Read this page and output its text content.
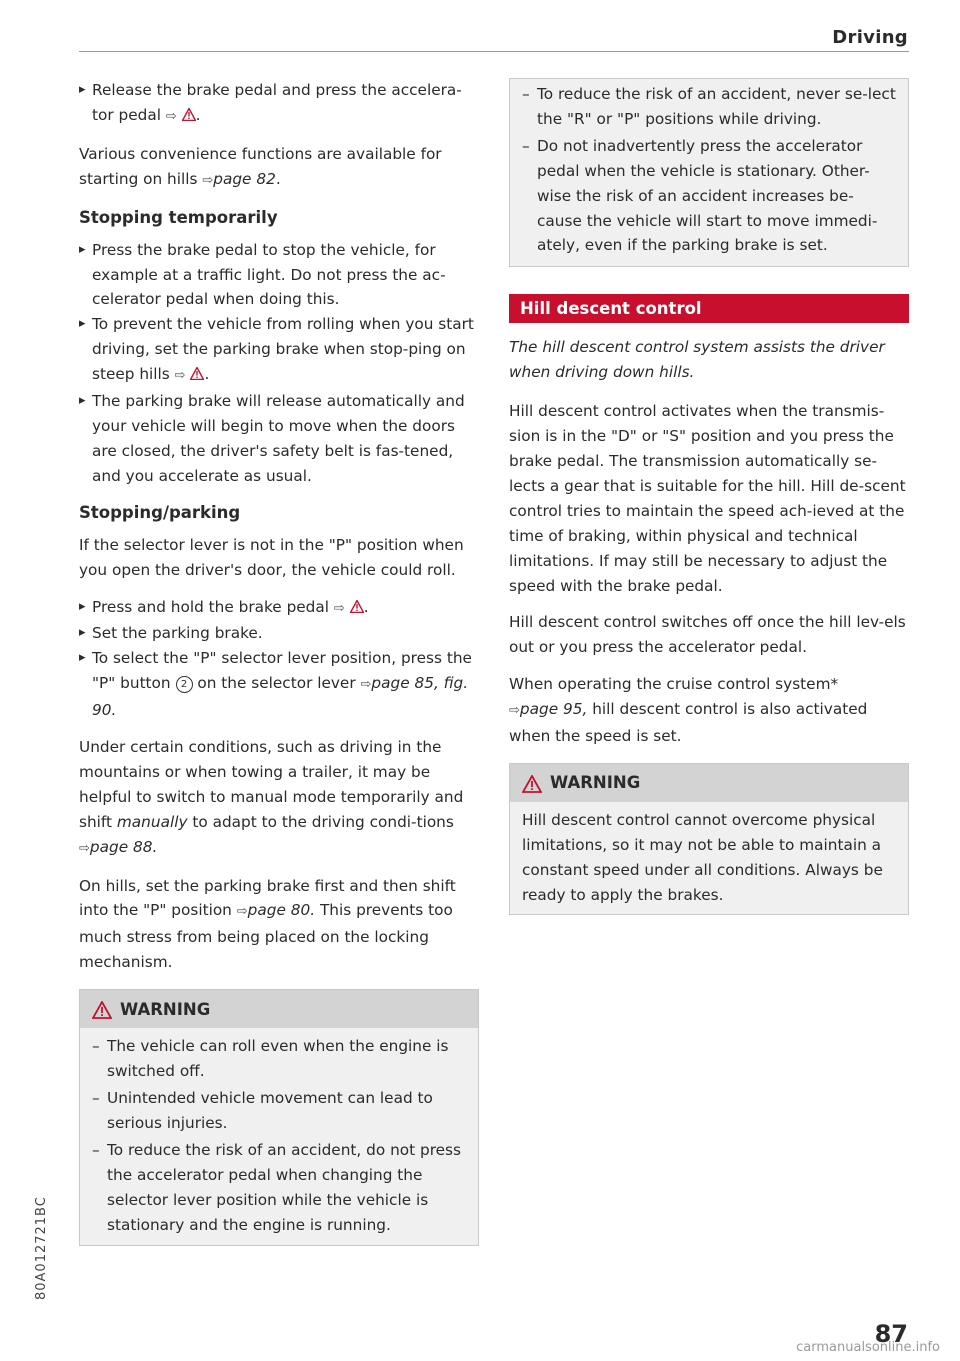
Driving
▸ Release the brake pedal and press the accelera-tor pedal ⇨ .

Various convenience functions are available for starting on hills ⇨page 82.

Stopping temporarily
▸ Press the brake pedal to stop the vehicle, for example at a traffic light. Do not press the ac-celerator pedal when doing this.
▸ To prevent the vehicle from rolling when you start driving, set the parking brake when stop-ping on steep hills ⇨ .
▸ The parking brake will release automatically and your vehicle will begin to move when the doors are closed, the driver's safety belt is fas-tened, and you accelerate as usual.
Stopping/parking

If the selector lever is not in the "P" position when you open the driver's door, the vehicle could roll.

▸ Press and hold the brake pedal ⇨ .
▸ Set the parking brake.
▸ To select the "P" selector lever position, press the "P" button 2 on the selector lever ⇨page 85, fig. 90.

Under certain conditions, such as driving in the mountains or when towing a trailer, it may be helpful to switch to manual mode temporarily and shift manually to adapt to the driving condi-tions ⇨page 88.

On hills, set the parking brake first and then shift into the "P" position ⇨page 80. This prevents too much stress from being placed on the locking mechanism.

WARNING
– The vehicle can roll even when the engine is switched off.
– Unintended vehicle movement can lead to serious injuries.
– To reduce the risk of an accident, do not press the accelerator pedal when changing the selector lever position while the vehicle is stationary and the engine is running.
– To reduce the risk of an accident, never se-lect the "R" or "P" positions while driving.
– Do not inadvertently press the accelerator pedal when the vehicle is stationary. Other-wise the risk of an accident increases be-cause the vehicle will start to move immedi-ately, even if the parking brake is set.
Hill descent control

The hill descent control system assists the driver when driving down hills.

Hill descent control activates when the transmis-sion is in the "D" or "S" position and you press the brake pedal. The transmission automatically se-lects a gear that is suitable for the hill. Hill de-scent control tries to maintain the speed ach-ieved at the time of braking, within physical and technical limitations. If may still be necessary to adjust the speed with the brake pedal.

Hill descent control switches off once the hill lev-els out or you press the accelerator pedal.

When operating the cruise control system*
⇨page 95, hill descent control is also activated when the speed is set.

WARNING
Hill descent control cannot overcome physical limitations, so it may not be able to maintain a constant speed under all conditions. Always be ready to apply the brakes.
80A012721BC
87
carmanualsonline.info
